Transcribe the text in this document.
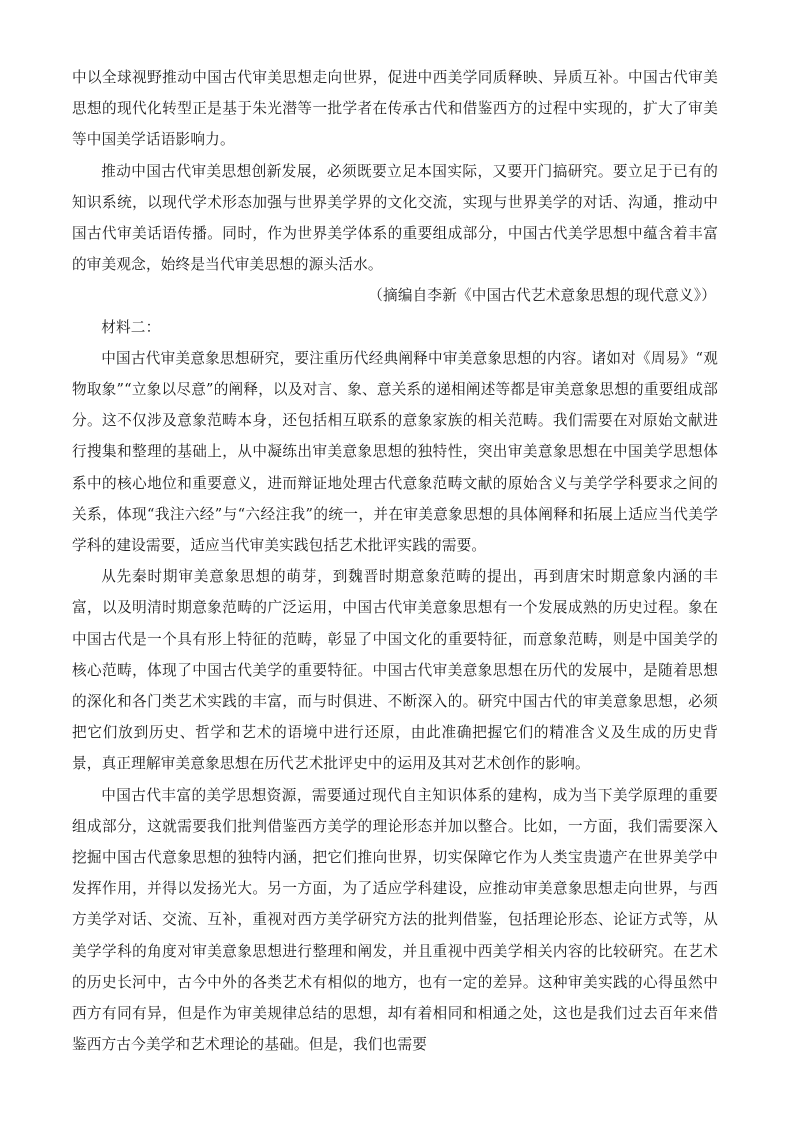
中以全球视野推动中国古代审美思想走向世界，促进中西美学同质释映、异质互补。中国古代审美思想的现代化转型正是基于朱光潜等一批学者在传承古代和借鉴西方的过程中实现的，扩大了审美等中国美学话语影响力。

推动中国古代审美思想创新发展，必须既要立足本国实际，又要开门搞研究。要立足于已有的知识系统，以现代学术形态加强与世界美学界的文化交流，实现与世界美学的对话、沟通，推动中国古代审美话语传播。同时，作为世界美学体系的重要组成部分，中国古代美学思想中蕴含着丰富的审美观念，始终是当代审美思想的源头活水。

（摘编自李新《中国古代艺术意象思想的现代意义》）

材料二：

中国古代审美意象思想研究，要注重历代经典阐释中审美意象思想的内容。诸如对《周易》“观物取象”“立象以尽意”的阐释，以及对言、象、意关系的递相阐述等都是审美意象思想的重要组成部分。这不仅涉及意象范畴本身，还包括相互联系的意象家族的相关范畴。我们需要在对原始文献进行搜集和整理的基础上，从中凝练出审美意象思想的独特性，突出审美意象思想在中国美学思想体系中的核心地位和重要意义，进而辩证地处理古代意象范畴文献的原始含义与美学学科要求之间的关系，体现“我注六经”与“六经注我”的统一，并在审美意象思想的具体阐释和拓展上适应当代美学学科的建设需要，适应当代审美实践包括艺术批评实践的需要。

从先秦时期审美意象思想的萌芽，到魏晋时期意象范畴的提出，再到唐宋时期意象内涵的丰富，以及明清时期意象范畴的广泛运用，中国古代审美意象思想有一个发展成熟的历史过程。象在中国古代是一个具有形上特征的范畴，彰显了中国文化的重要特征，而意象范畴，则是中国美学的核心范畴，体现了中国古代美学的重要特征。中国古代审美意象思想在历代的发展中，是随着思想的深化和各门类艺术实践的丰富，而与时俱进、不断深入的。研究中国古代的审美意象思想，必须把它们放到历史、哲学和艺术的语境中进行还原，由此准确把握它们的精准含义及生成的历史背景，真正理解审美意象思想在历代艺术批评史中的运用及其对艺术创作的影响。

中国古代丰富的美学思想资源，需要通过现代自主知识体系的建构，成为当下美学原理的重要组成部分，这就需要我们批判借鉴西方美学的理论形态并加以整合。比如，一方面，我们需要深入挖掘中国古代意象思想的独特内涵，把它们推向世界，切实保障它作为人类宝贵遗产在世界美学中发挥作用，并得以发扬光大。另一方面，为了适应学科建设，应推动审美意象思想走向世界，与西方美学对话、交流、互补，重视对西方美学研究方法的批判借鉴，包括理论形态、论证方式等，从美学学科的角度对审美意象思想进行整理和阐发，并且重视中西美学相关内容的比较研究。在艺术的历史长河中，古今中外的各类艺术有相似的地方，也有一定的差异。这种审美实践的心得虽然中西方有同有异，但是作为审美规律总结的思想，却有着相同和相通之处，这也是我们过去百年来借鉴西方古今美学和艺术理论的基础。但是，我们也需要
